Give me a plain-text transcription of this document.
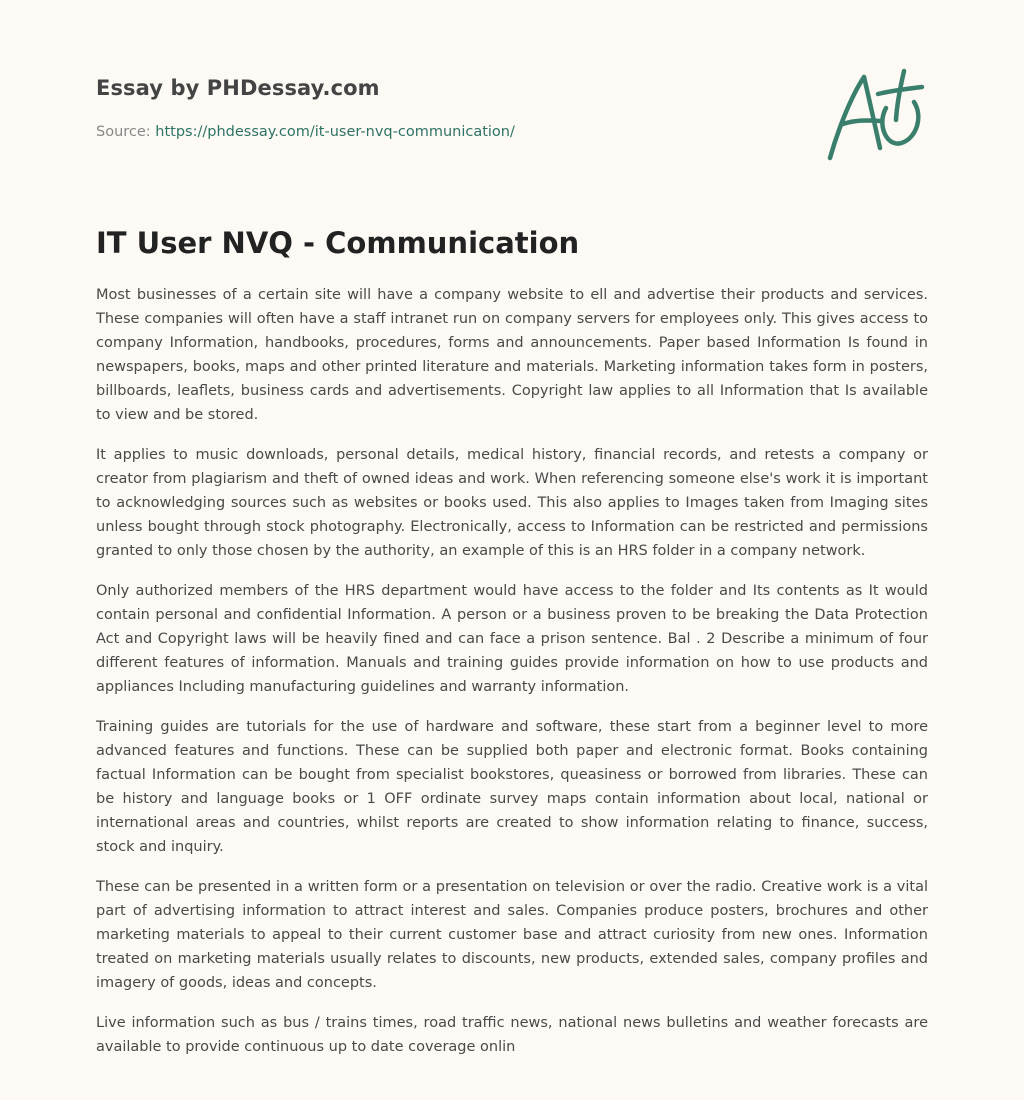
Essay by PHDessay.com
Source: https://phdessay.com/it-user-nvq-communication/
IT User NVQ - Communication

Most businesses of a certain site will have a company website to ell and advertise their products and services. These companies will often have a staff intranet run on company servers for employees only. This gives access to company Information, handbooks, procedures, forms and announcements. Paper based Information Is found in newspapers, books, maps and other printed literature and materials. Marketing information takes form in posters, billboards, leaflets, business cards and advertisements. Copyright law applies to all Information that Is available to view and be stored.

It applies to music downloads, personal details, medical history, financial records, and retests a company or creator from plagiarism and theft of owned ideas and work. When referencing someone else's work it is important to acknowledging sources such as websites or books used. This also applies to Images taken from Imaging sites unless bought through stock photography. Electronically, access to Information can be restricted and permissions granted to only those chosen by the authority, an example of this is an HRS folder in a company network.

Only authorized members of the HRS department would have access to the folder and Its contents as It would contain personal and confidential Information. A person or a business proven to be breaking the Data Protection Act and Copyright laws will be heavily fined and can face a prison sentence. Bal . 2 Describe a minimum of four different features of information. Manuals and training guides provide information on how to use products and appliances Including manufacturing guidelines and warranty information.

Training guides are tutorials for the use of hardware and software, these start from a beginner level to more advanced features and functions. These can be supplied both paper and electronic format. Books containing factual Information can be bought from specialist bookstores, queasiness or borrowed from libraries. These can be history and language books or 1 OFF ordinate survey maps contain information about local, national or international areas and countries, whilst reports are created to show information relating to finance, success, stock and inquiry.

These can be presented in a written form or a presentation on television or over the radio. Creative work is a vital part of advertising information to attract interest and sales. Companies produce posters, brochures and other marketing materials to appeal to their current customer base and attract curiosity from new ones. Information treated on marketing materials usually relates to discounts, new products, extended sales, company profiles and imagery of goods, ideas and concepts.

Live information such as bus / trains times, road traffic news, national news bulletins and weather forecasts are available to provide continuous up to date coverage onlin
